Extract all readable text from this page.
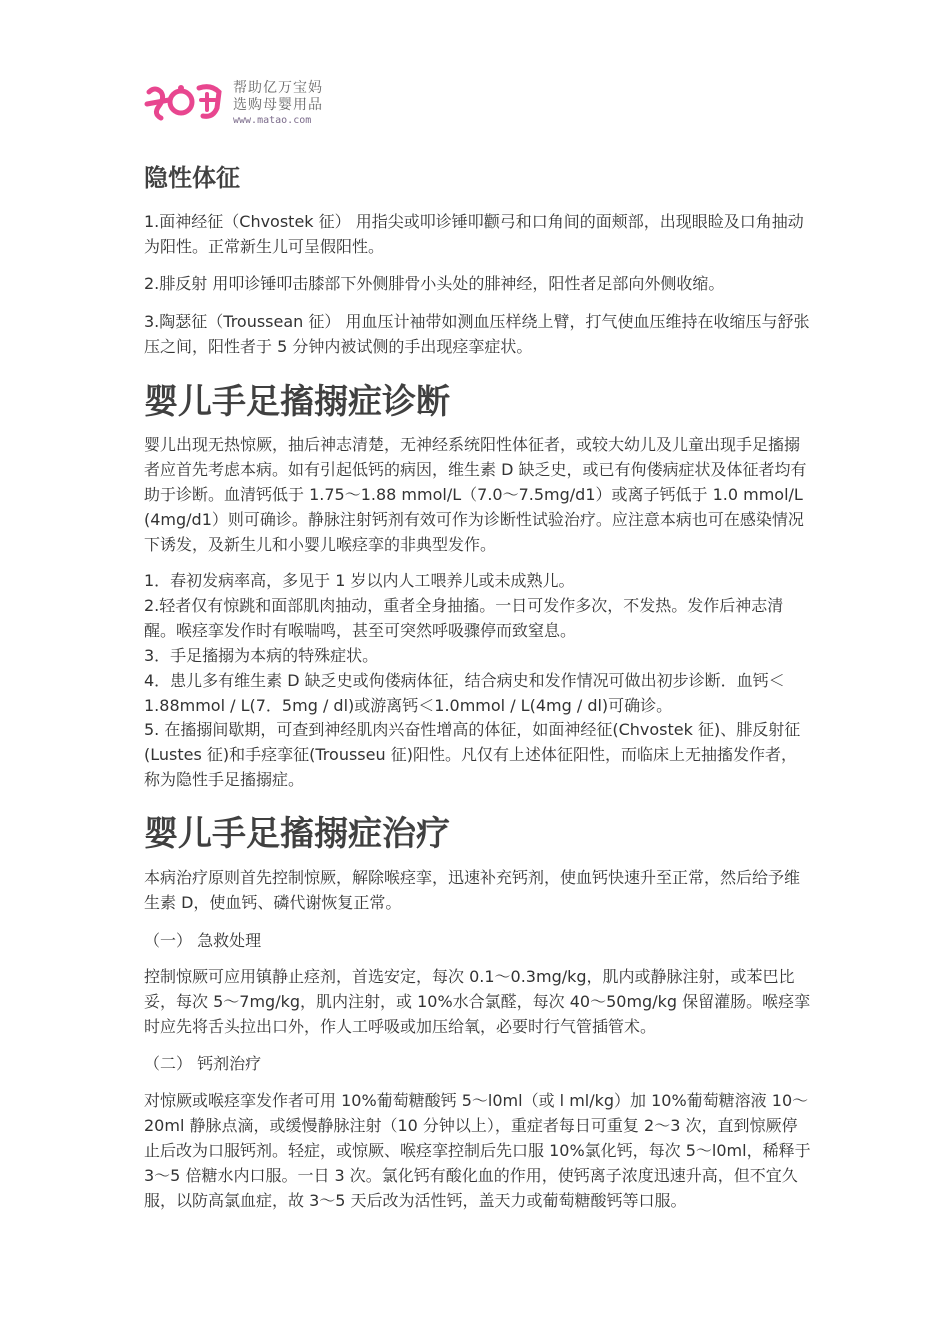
帮助亿万宝妈
选购母婴用品
www.matao.com
隐性体征
1.面神经征（Chvostek 征） 用指尖或叩诊锤叩颧弓和口角间的面颊部，出现眼睑及口角抽动为阳性。正常新生儿可呈假阳性。
2.腓反射 用叩诊锤叩击膝部下外侧腓骨小头处的腓神经，阳性者足部向外侧收缩。
3.陶瑟征（Troussean 征） 用血压计袖带如测血压样绕上臂，打气使血压维持在收缩压与舒张压之间，阳性者于 5 分钟内被试侧的手出现痉挛症状。
婴儿手足搐搦症诊断
婴儿出现无热惊厥，抽后神志清楚，无神经系统阳性体征者，或较大幼儿及儿童出现手足搐搦者应首先考虑本病。如有引起低钙的病因，维生素 D 缺乏史，或已有佝偻病症状及体征者均有助于诊断。血清钙低于 1.75～1.88 mmol/L（7.0～7.5mg/d1）或离子钙低于 1.0 mmol/L (4mg/d1）则可确诊。静脉注射钙剂有效可作为诊断性试验治疗。应注意本病也可在感染情况下诱发，及新生儿和小婴儿喉痉挛的非典型发作。
1．春初发病率高，多见于 1 岁以内人工喂养儿或未成熟儿。
2.轻者仅有惊跳和面部肌肉抽动，重者全身抽搐。一日可发作多次，不发热。发作后神志清醒。喉痉挛发作时有喉喘鸣，甚至可突然呼吸骤停而致窒息。
3．手足搐搦为本病的特殊症状。
4．患儿多有维生素 D 缺乏史或佝偻病体征，结合病史和发作情况可做出初步诊断．血钙＜1.88mmol / L(7．5mg / dl)或游离钙＜1.0mmol / L(4mg / dl)可确诊。
5. 在搐搦间歇期，可查到神经肌肉兴奋性增高的体征，如面神经征(Chvostek 征)、腓反射征(Lustes 征)和手痉挛征(Trousseu 征)阳性。凡仅有上述体征阳性，而临床上无抽搐发作者，称为隐性手足搐搦症。
婴儿手足搐搦症治疗
本病治疗原则首先控制惊厥，解除喉痉挛，迅速补充钙剂，使血钙快速升至正常，然后给予维生素 D，使血钙、磷代谢恢复正常。
（一） 急救处理
控制惊厥可应用镇静止痉剂，首选安定，每次 0.1～0.3mg/kg，肌内或静脉注射，或苯巴比妥，每次 5～7mg/kg，肌内注射，或 10%水合氯醛，每次 40～50mg/kg 保留灌肠。喉痉挛时应先将舌头拉出口外，作人工呼吸或加压给氧，必要时行气管插管术。
（二） 钙剂治疗
对惊厥或喉痉挛发作者可用 10%葡萄糖酸钙 5～l0ml（或 l ml/kg）加 10%葡萄糖溶液 10～20ml 静脉点滴，或缓慢静脉注射（10 分钟以上），重症者每日可重复 2～3 次，直到惊厥停止后改为口服钙剂。轻症，或惊厥、喉痉挛控制后先口服 10%氯化钙，每次 5～l0ml，稀释于 3～5 倍糖水内口服。一日 3 次。氯化钙有酸化血的作用，使钙离子浓度迅速升高，但不宜久服，以防高氯血症，故 3～5 天后改为活性钙，盖天力或葡萄糖酸钙等口服。
